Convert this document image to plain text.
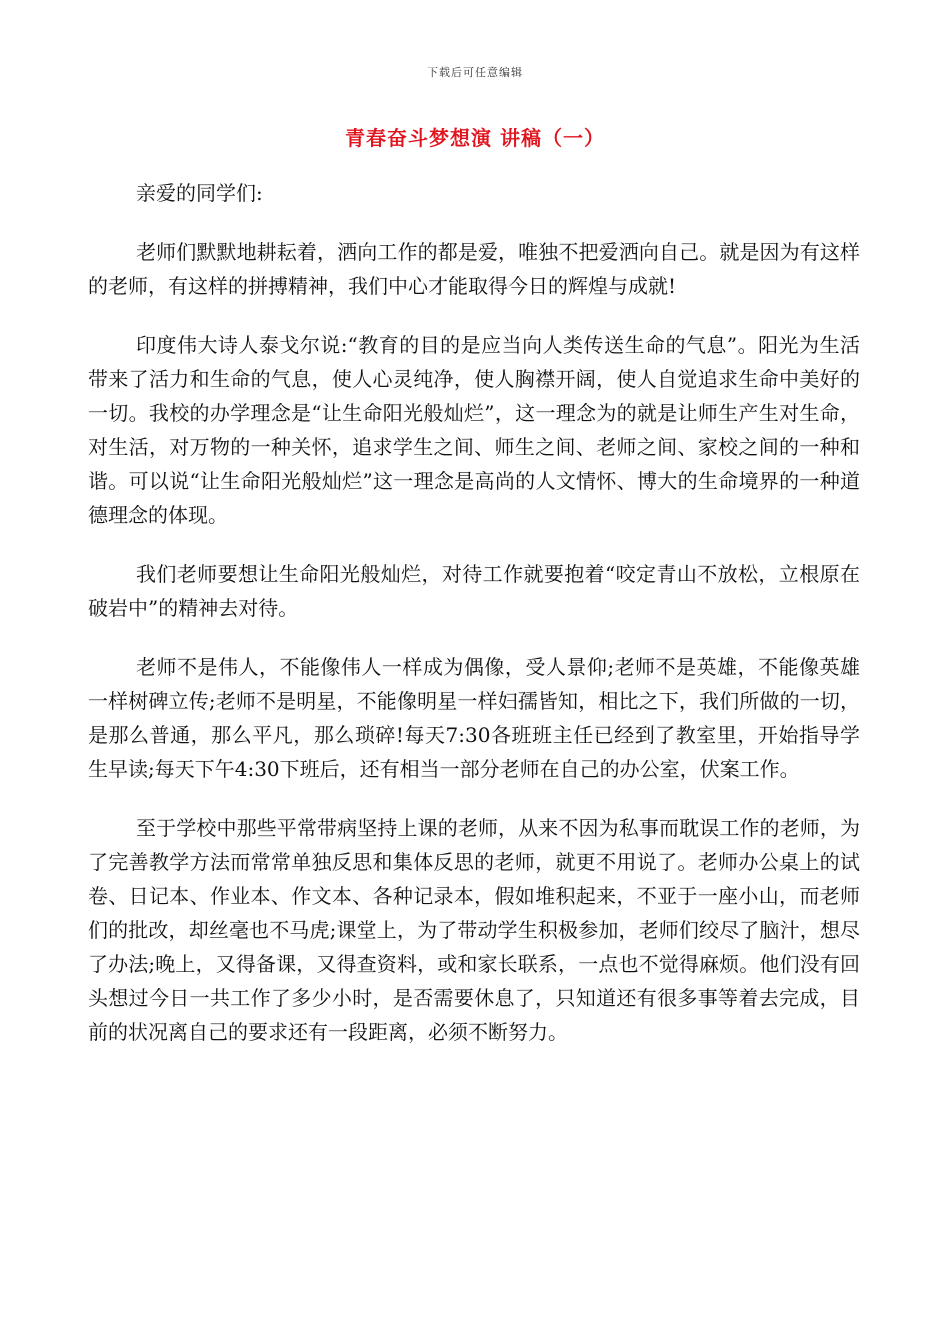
下载后可任意编辑
青春奋斗梦想演 讲稿（一）

亲爱的同学们:

老师们默默地耕耘着，洒向工作的都是爱，唯独不把爱洒向自己。就是因为有这样的老师，有这样的拼搏精神，我们中心才能取得今日的辉煌与成就!

印度伟大诗人泰戈尔说:“教育的目的是应当向人类传送生命的气息”。阳光为生活带来了活力和生命的气息，使人心灵纯净，使人胸襟开阔，使人自觉追求生命中美好的一切。我校的办学理念是“让生命阳光般灿烂”，这一理念为的就是让师生产生对生命，对生活，对万物的一种关怀，追求学生之间、师生之间、老师之间、家校之间的一种和谐。可以说“让生命阳光般灿烂”这一理念是高尚的人文情怀、博大的生命境界的一种道德理念的体现。

我们老师要想让生命阳光般灿烂，对待工作就要抱着“咬定青山不放松，立根原在破岩中”的精神去对待。

老师不是伟人，不能像伟人一样成为偶像，受人景仰;老师不是英雄，不能像英雄一样树碑立传;老师不是明星，不能像明星一样妇孺皆知，相比之下，我们所做的一切，是那么普通，那么平凡，那么琐碎!每天7:30各班班主任已经到了教室里，开始指导学生早读;每天下午4:30下班后，还有相当一部分老师在自己的办公室，伏案工作。

至于学校中那些平常带病坚持上课的老师，从来不因为私事而耽误工作的老师，为了完善教学方法而常常单独反思和集体反思的老师，就更不用说了。老师办公桌上的试卷、日记本、作业本、作文本、各种记录本，假如堆积起来，不亚于一座小山，而老师们的批改，却丝毫也不马虎;课堂上，为了带动学生积极参加，老师们绞尽了脑汁，想尽了办法;晚上，又得备课，又得查资料，或和家长联系，一点也不觉得麻烦。他们没有回头想过今日一共工作了多少小时，是否需要休息了，只知道还有很多事等着去完成，目前的状况离自己的要求还有一段距离，必须不断努力。
